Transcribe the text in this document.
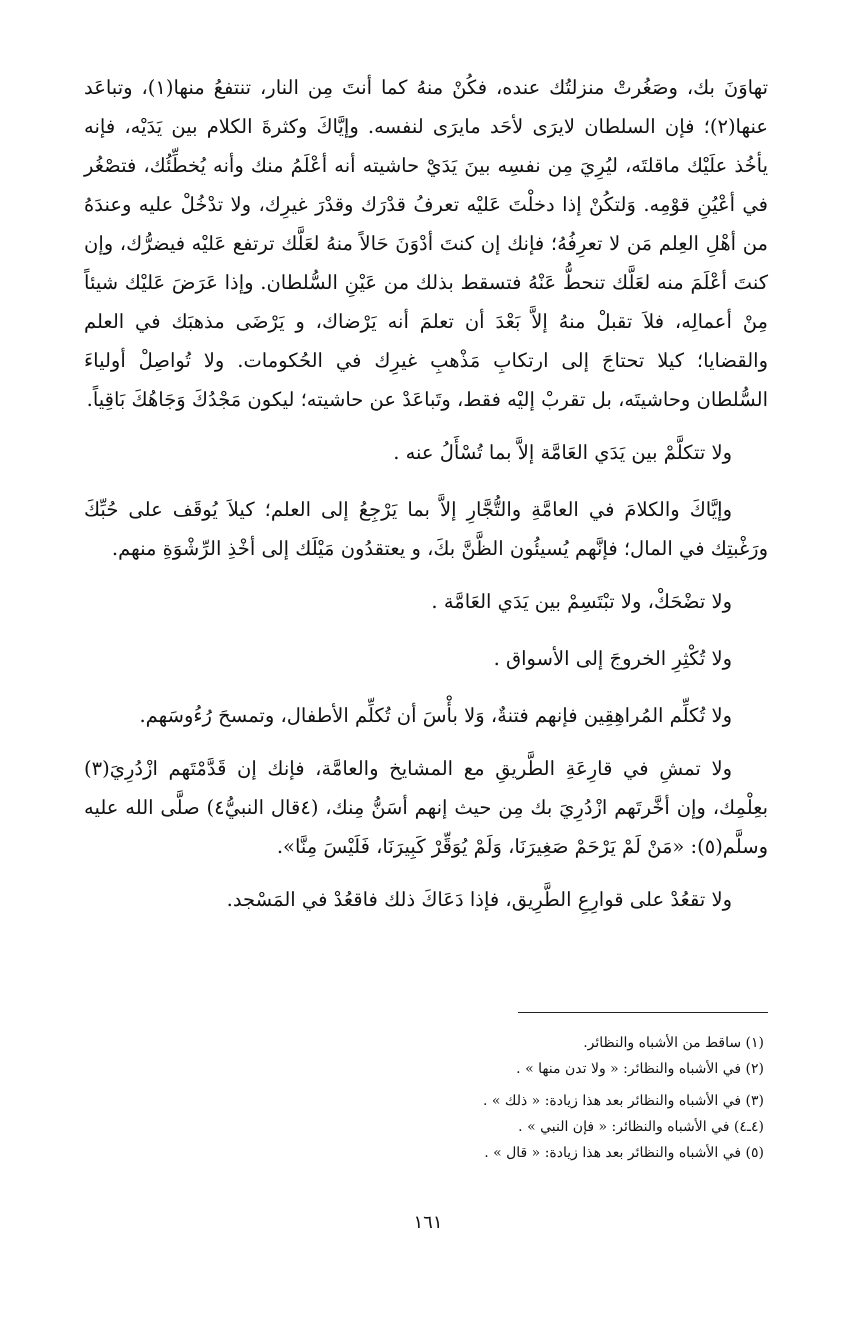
تهاوَنَ بك، وصَغُرتْ منزلتُك عنده، فكُنْ منهُ كما أنتَ مِن النار، تنتفعُ منها(١)، وتباعَد عنها(٢)؛ فإن السلطان لايرَى لأحَد مايرَى لنفسه. وإيَّاكَ وكثرةَ الكلام بين يَدَيْه، فإنه يأخُذ علَيْك ماقلتَه، ليُرِيَ مِن نفسِه بينَ يَدَيْ حاشيته أنه أعْلَمُ منك وأنه يُخطِّئُك، فتصْغُر في أعْيُنِ قوْمِه. وَلتكُنْ إذا دخلْتَ عَليْه تعرفُ قدْرَك وقدْرَ غيرِك، ولا تدْخُلْ عليه وعندَهُ من أهْلِ العِلم مَن لا تعرِفُهُ؛ فإنك إن كنتَ أدْوَنَ حَالاً منهُ لعَلَّك ترتفع عَليْه فيضرُّك، وإن كنتَ أعْلَمَ منه لعَلَّك تنحطُّ عَنْهُ فتسقط بذلك من عَيْنِ السُّلطان. وإذا عَرَضَ عَليْك شيئاً مِنْ أعمالِه، فلاَ تقبلْ منهُ إلاَّ بَعْدَ أن تعلمَ أنه يَرْضاك، و يَرْضَى مذهبَك في العلم والقضايا؛ كيلا تحتاجَ إلى ارتكابِ مَذْهبِ غيرِك في الحُكومات. ولا تُواصِلْ أولياءَ السُّلطان وحاشيتَه، بل تقربْ إليْه فقط، وتَباعَدْ عن حاشيته؛ ليكون مَجْدُكَ وَجَاهُكَ بَاقِياً.

ولا تتكلَّمْ بين يَدَي العَامَّة إلاَّ بما تُسْأَلُ عنه .

وإيَّاكَ والكلامَ في العامَّةِ والتُّجَّارِ إلاَّ بما يَرْجِعُ إلى العلم؛ كيلاَ يُوقَف على حُبِّكَ ورَغْبتِك في المال؛ فإنَّهم يُسيئُون الظَّنَّ بكَ، و يعتقدُون مَيْلَك إلى أخْذِ الرِّشْوَةِ منهم.

ولا تضْحَكْ، ولا تبْتَسِمْ بين يَدَي العَامَّة .

ولا تُكْثِرِ الخروجَ إلى الأسواق .

ولا تُكلِّم المُراهِقِين فإنهم فتنةٌ، وَلا بأْسَ أن تُكلِّم الأطفال، وتمسحَ رُءُوسَهم.

ولا تمشِ في قارِعَةِ الطَّريقِ مع المشايخ والعامَّة، فإنك إن قَدَّمْتَهم ازْدُرِيَ(٣) بعِلْمِك، وإن أخَّرتَهم ازْدُرِيَ بك مِن حيث إنهم أسَنُّ مِنك، (٤قال النبيُّ٤) صلَّى الله عليه وسلَّم(٥): «مَنْ لَمْ يَرْحَمْ صَغِيرَنَا، وَلَمْ يُوَقِّرْ كَبِيرَنَا، فَلَيْسَ مِنَّا».

ولا تقعُدْ على قوارِعِ الطَّرِيق، فإذا دَعَاكَ ذلك فاقعُدْ في المَسْجد.

(١) ساقط من الأشباه والنظائر.

(٢) في الأشباه والنظائر: « ولا تدن منها » .

(٣) في الأشباه والنظائر بعد هذا زيادة: « ذلك » .

(٤ـ٤) في الأشباه والنظائر: « فإن النبي » .

(٥) في الأشباه والنظائر بعد هذا زيادة: « قال » .

١٦١
